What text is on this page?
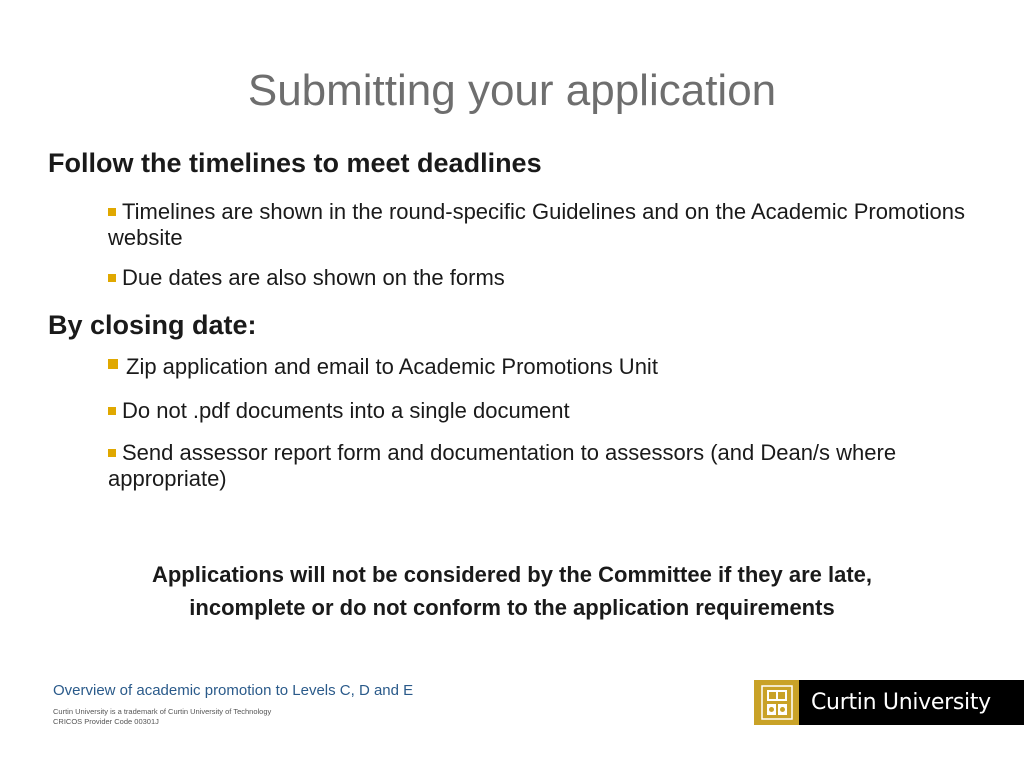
Submitting your application
Follow the timelines to meet deadlines
Timelines are shown in the round-specific Guidelines and on the Academic Promotions website
Due dates are also shown on the forms
By closing date:
Zip application and email to Academic Promotions Unit
Do not .pdf documents into a single document
Send assessor report form and documentation to assessors (and Dean/s where appropriate)
Applications will not be considered by the Committee if they are late,
incomplete or do not conform to the application requirements
Overview of academic promotion to Levels C, D and E
Curtin University is a trademark of Curtin University of Technology
CRICOS Provider Code 00301J
Curtin University
